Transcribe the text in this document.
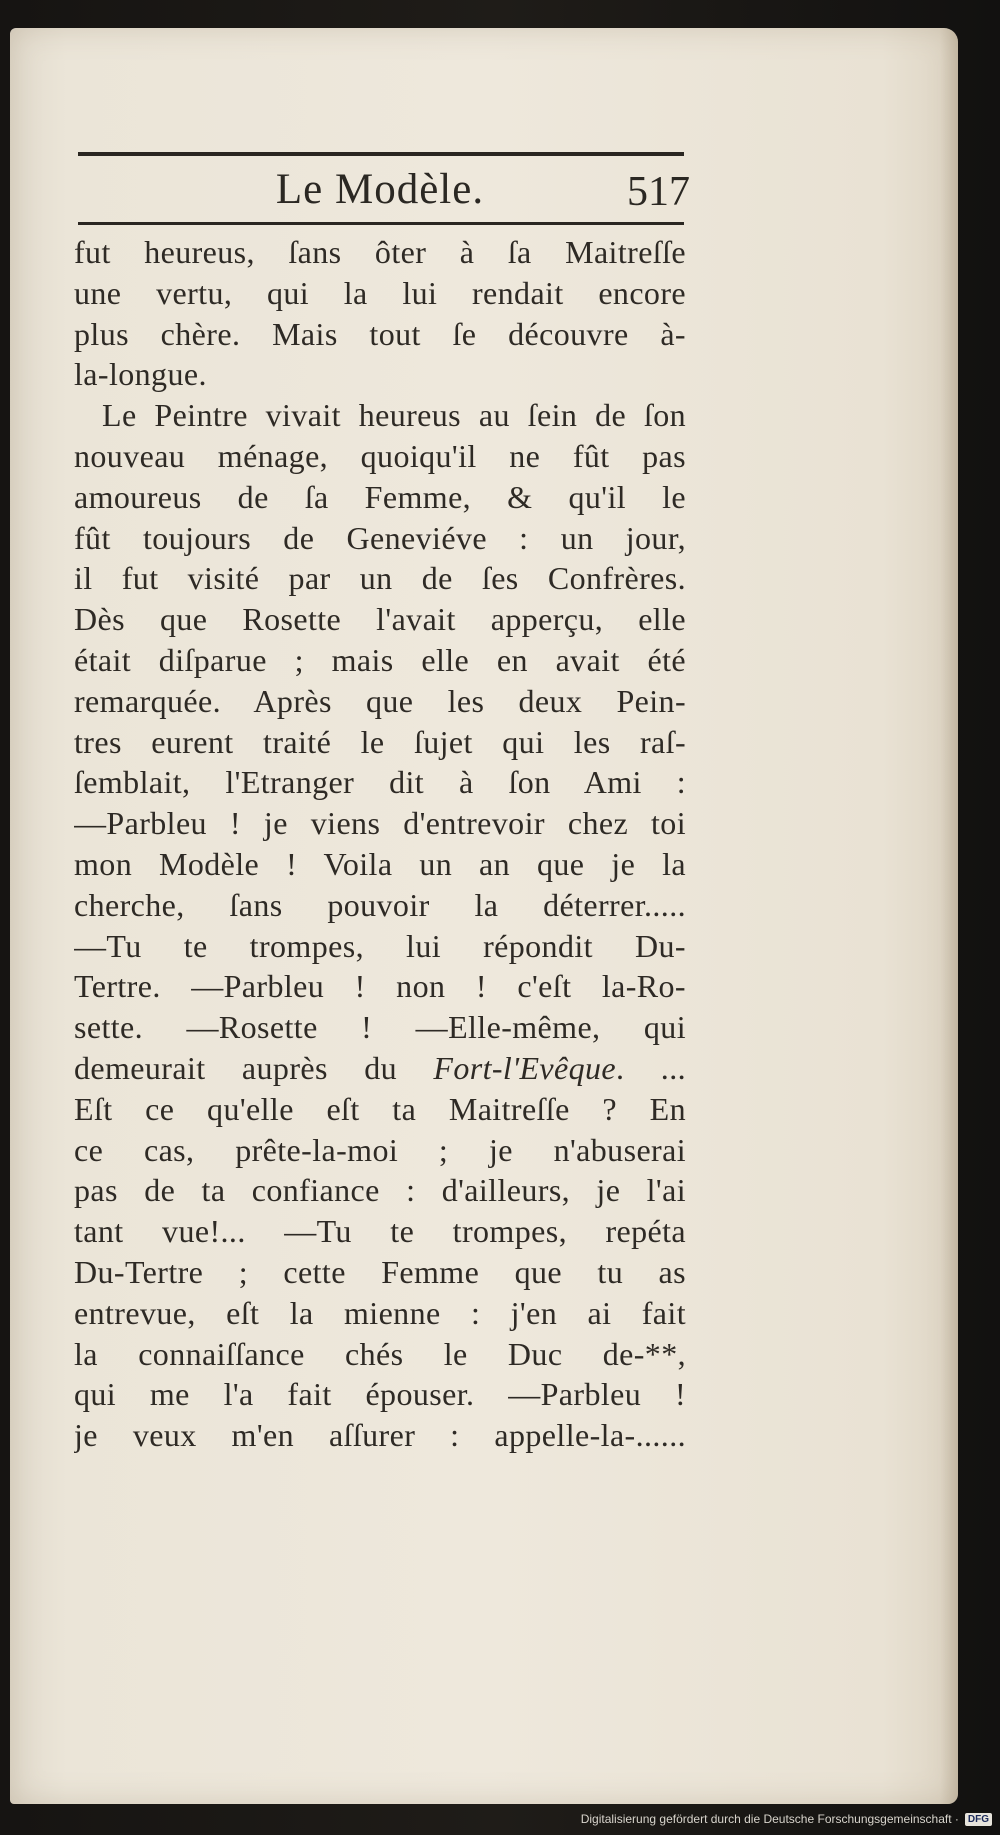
Le Modèle.	517
fut heureus, ſans ôter à ſa Maitreſſe
une vertu, qui la lui rendait encore
plus chère. Mais tout ſe découvre à-
la-longue.
Le Peintre vivait heureus au ſein de ſon
nouveau ménage, quoiqu'il ne fût pas
amoureus de ſa Femme, & qu'il le
fût toujours de Geneviéve : un jour,
il fut visité par un de ſes Confrères.
Dès que Rosette l'avait apperçu, elle
était diſparue ; mais elle en avait été
remarquée. Après que les deux Pein-
tres eurent traité le ſujet qui les raſ-
ſemblait, l'Etranger dit à ſon Ami :
—Parbleu ! je viens d'entrevoir chez toi
mon Modèle ! Voila un an que je la
cherche, ſans pouvoir la déterrer.....
—Tu te trompes, lui répondit Du-
Tertre. —Parbleu ! non ! c'eſt la-Ro-
sette. —Rosette ! —Elle-même, qui
demeurait auprès du Fort-l'Evêque. ...
Eſt ce qu'elle eſt ta Maitreſſe ? En
ce cas, prête-la-moi ; je n'abuserai
pas de ta confiance : d'ailleurs, je l'ai
tant vue!... —Tu te trompes, repéta
Du-Tertre ; cette Femme que tu as
entrevue, eſt la mienne : j'en ai fait
la connaiſſance chés le Duc de-**,
qui me l'a fait épouser. —Parbleu !
je veux m'en aſſurer : appelle-la-......
Digitalisierung gefördert durch die Deutsche Forschungsgemeinschaft · DFG
